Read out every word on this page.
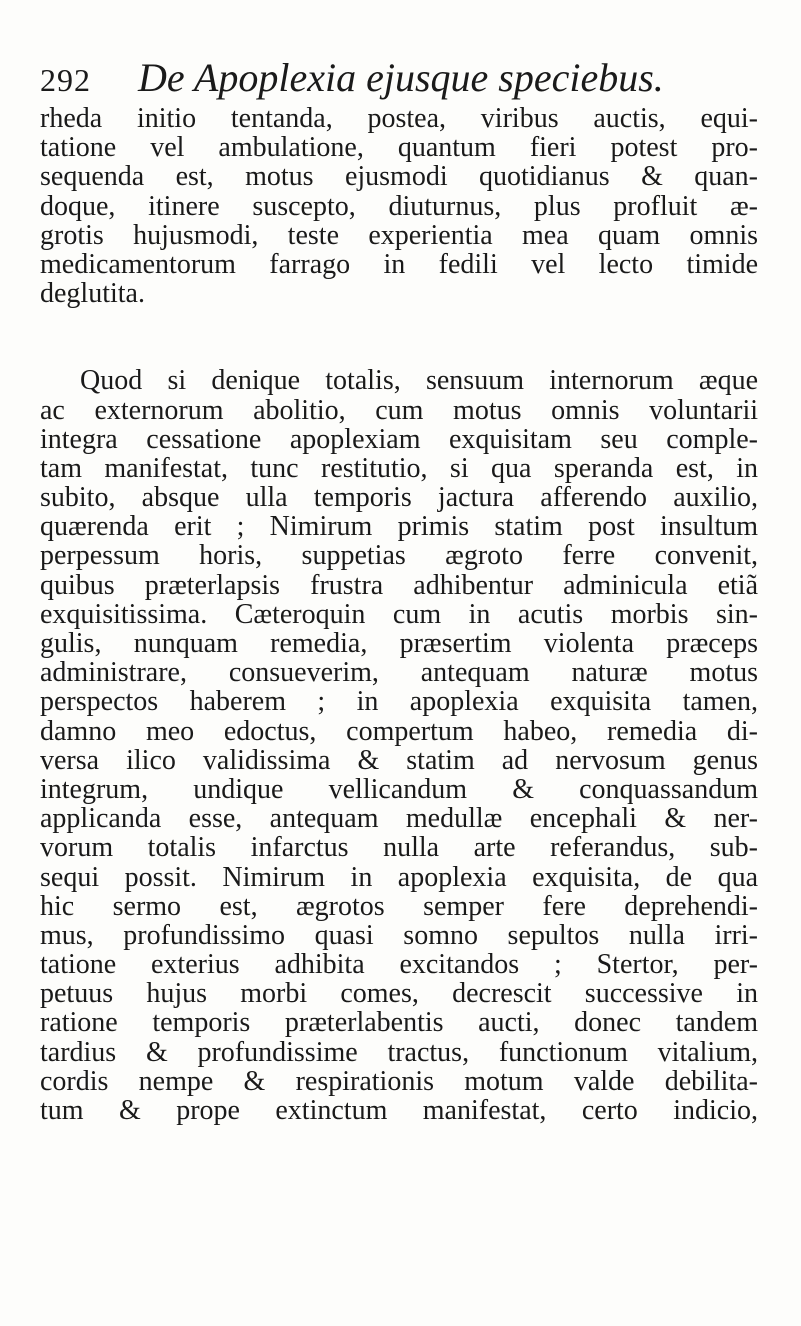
292 De Apoplexia ejusque speciebus.
rheda initio tentanda, postea, viribus auctis, equi-
tatione vel ambulatione, quantum fieri potest pro-
sequenda est, motus ejusmodi quotidianus & quan-
doque, itinere suscepto, diuturnus, plus profluit æ-
grotis hujusmodi, teste experientia mea quam omnis
medicamentorum farrago in fedili vel lecto timide
deglutita.
Quod si denique totalis, sensuum internorum æque
ac externorum abolitio, cum motus omnis voluntarii
integra cessatione apoplexiam exquisitam seu comple-
tam manifestat, tunc restitutio, si qua speranda est, in
subito, absque ulla temporis jactura afferendo auxilio,
quærenda erit ; Nimirum primis statim post insultum
perpessum horis, suppetias ægroto ferre convenit,
quibus præterlapsis frustra adhibentur adminicula etiã
exquisitissima. Cæteroquin cum in acutis morbis sin-
gulis, nunquam remedia, præsertim violenta præceps
administrare, consueverim, antequam naturæ motus
perspectos haberem ; in apoplexia exquisita tamen,
damno meo edoctus, compertum habeo, remedia di-
versa ilico validissima & statim ad nervosum genus
integrum, undique vellicandum & conquassandum
applicanda esse, antequam medullæ encephali & ner-
vorum totalis infarctus nulla arte referandus, sub-
sequi possit. Nimirum in apoplexia exquisita, de qua
hic sermo est, ægrotos semper fere deprehendi-
mus, profundissimo quasi somno sepultos nulla irri-
tatione exterius adhibita excitandos ; Stertor, per-
petuus hujus morbi comes, decrescit successive in
ratione temporis præterlabentis aucti, donec tandem
tardius & profundissime tractus, functionum vitalium,
cordis nempe & respirationis motum valde debilita-
tum & prope extinctum manifestat, certo indicio,
